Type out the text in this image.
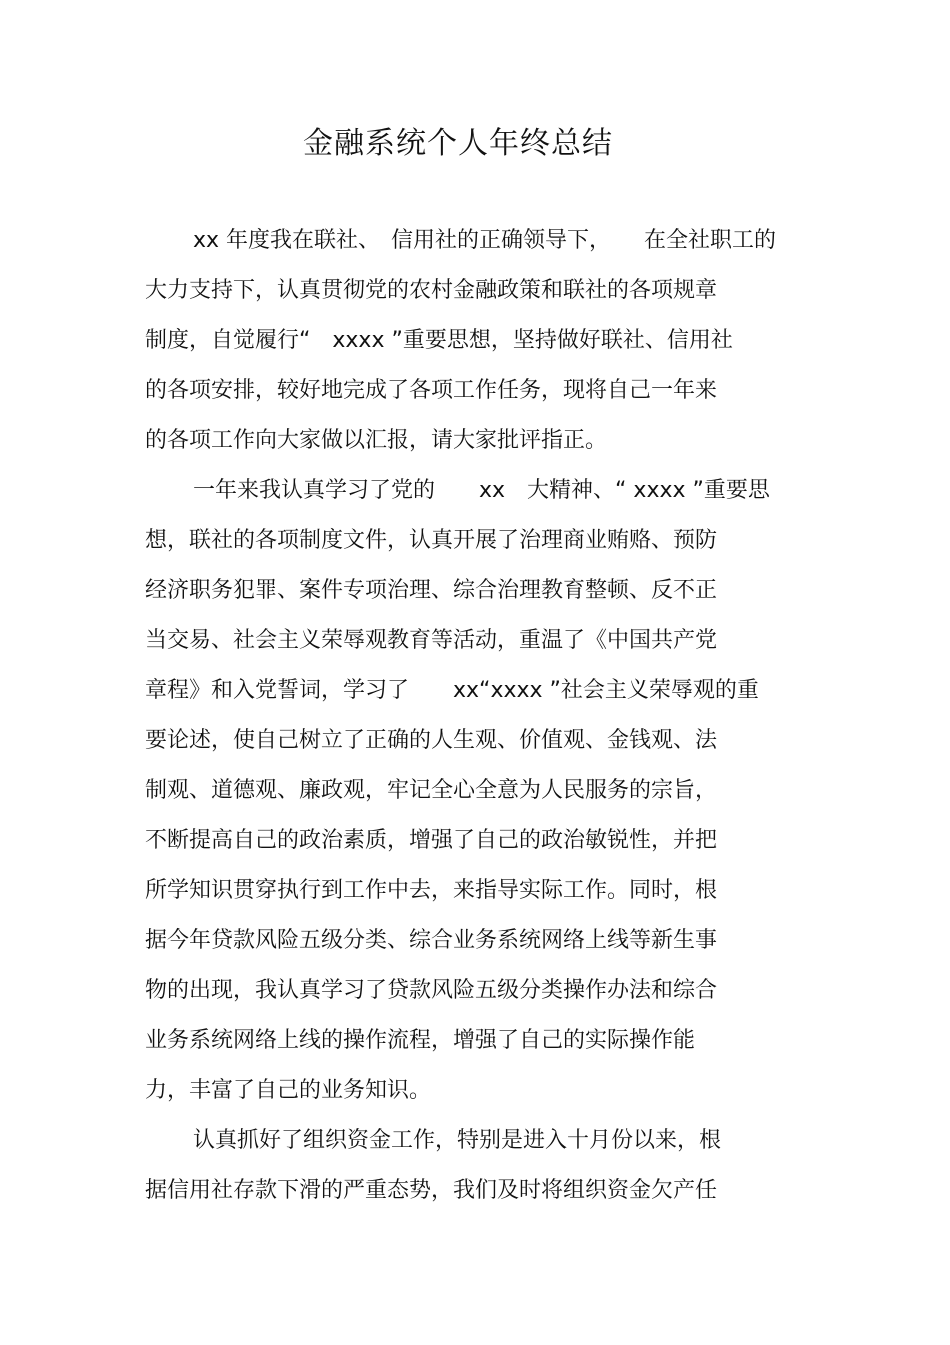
金融系统个人年终总结
xx 年度我在联社、　信用社的正确领导下，　　在全社职工的
大力支持下，认真贯彻党的农村金融政策和联社的各项规章
制度，自觉履行“　xxxx ”重要思想，坚持做好联社、信用社
的各项安排，较好地完成了各项工作任务，现将自己一年来
的各项工作向大家做以汇报，请大家批评指正。
一年来我认真学习了党的　　xx　大精神、“ xxxx ”重要思
想，联社的各项制度文件，认真开展了治理商业贿赂、预防
经济职务犯罪、案件专项治理、综合治理教育整顿、反不正
当交易、社会主义荣辱观教育等活动，重温了《中国共产党
章程》和入党誓词，学习了　　xx“xxxx ”社会主义荣辱观的重
要论述，使自己树立了正确的人生观、价值观、金钱观、法
制观、道德观、廉政观，牢记全心全意为人民服务的宗旨，
不断提高自己的政治素质，增强了自己的政治敏锐性，并把
所学知识贯穿执行到工作中去，来指导实际工作。同时，根
据今年贷款风险五级分类、综合业务系统网络上线等新生事
物的出现，我认真学习了贷款风险五级分类操作办法和综合
业务系统网络上线的操作流程，增强了自己的实际操作能
力，丰富了自己的业务知识。
认真抓好了组织资金工作，特别是进入十月份以来，根
据信用社存款下滑的严重态势，我们及时将组织资金欠产任
